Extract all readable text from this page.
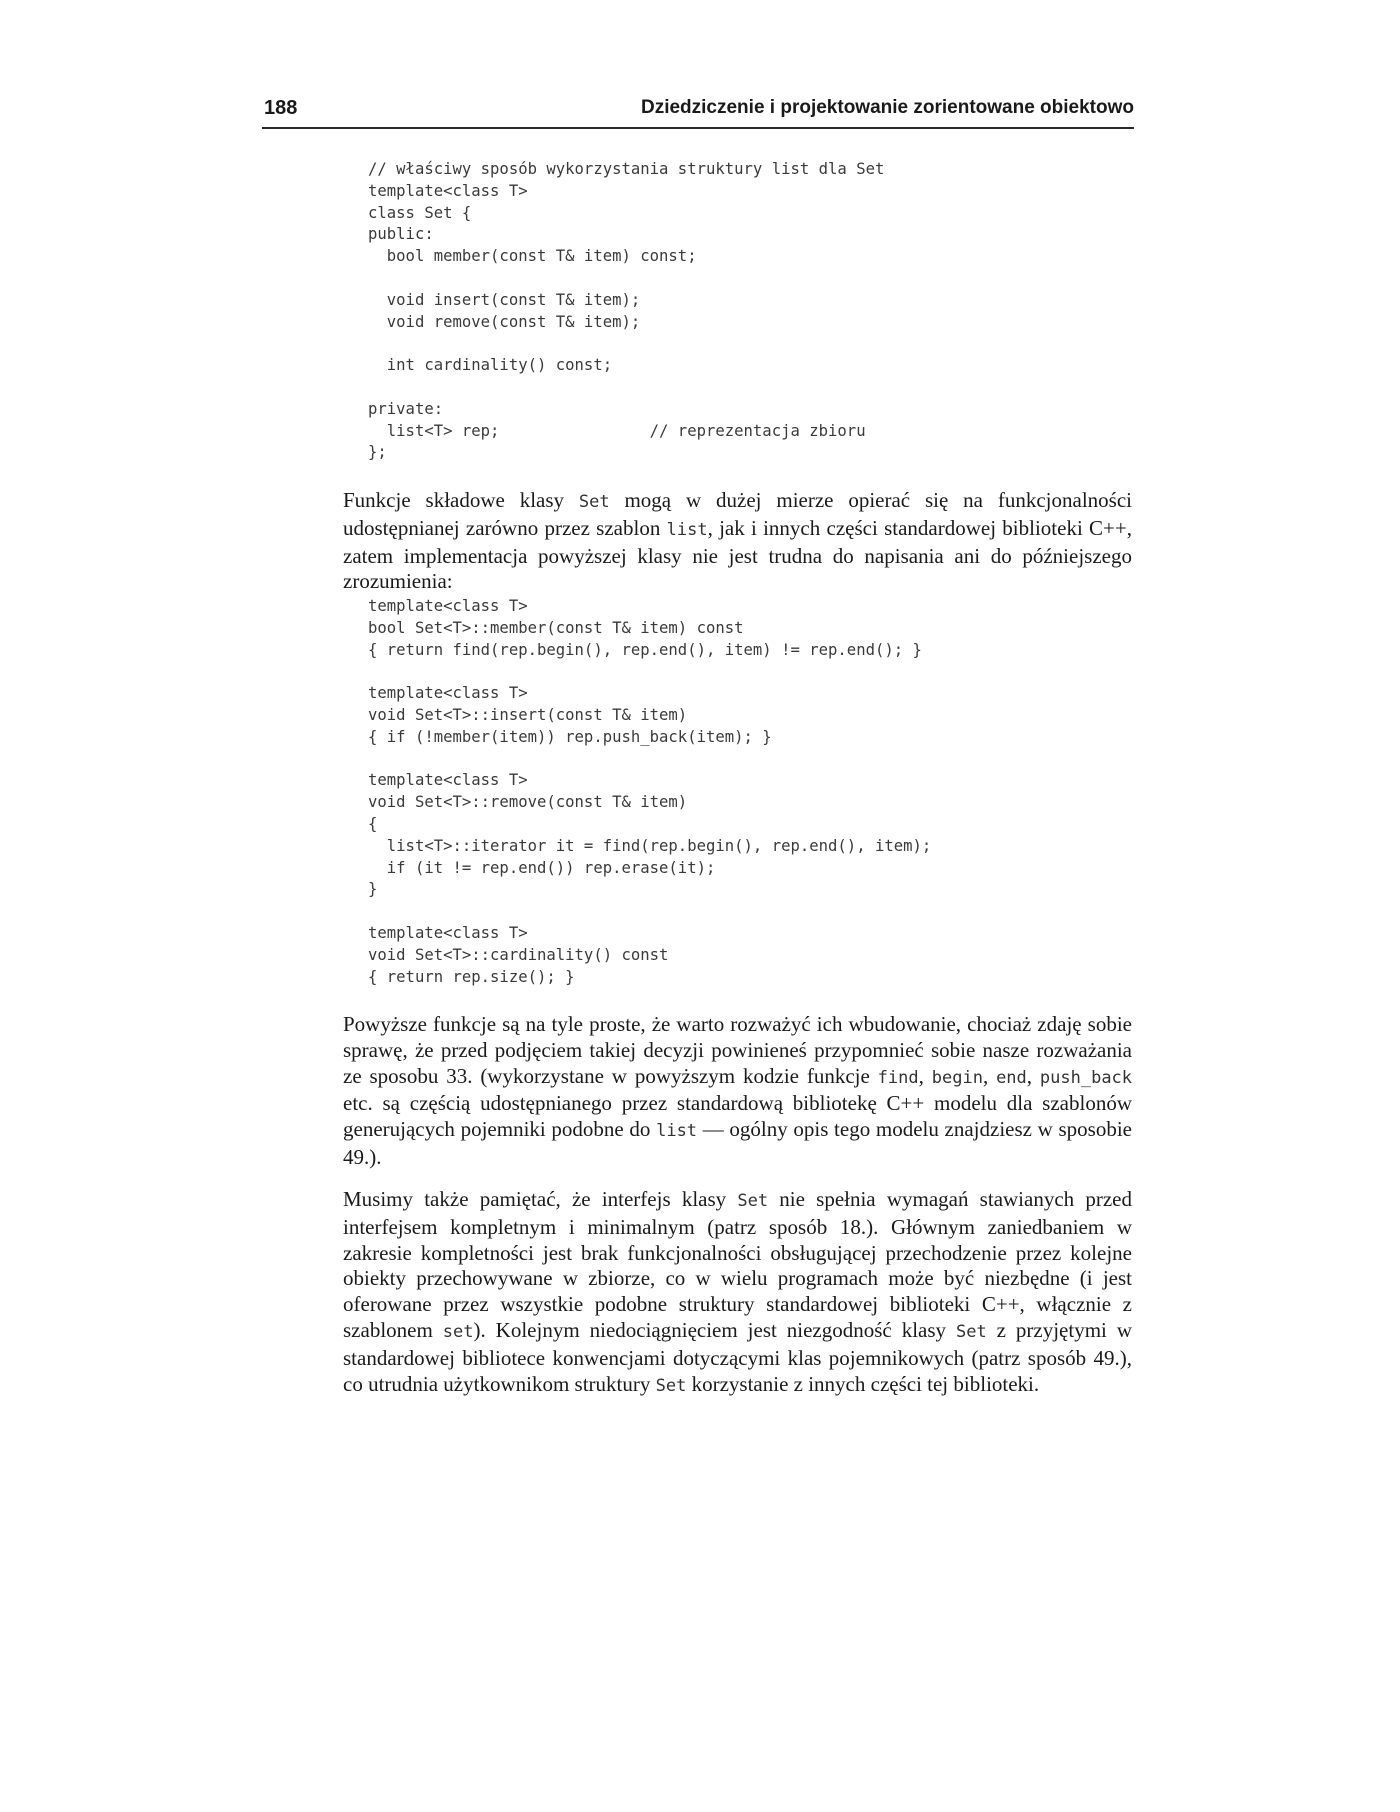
188	Dziedziczenie i projektowanie zorientowane obiektowo
// właściwy sposób wykorzystania struktury list dla Set
template<class T>
class Set {
public:
bool member(const T& item) const;

void insert(const T& item);
void remove(const T& item);

int cardinality() const;

private:
list<T> rep;                // reprezentacja zbioru
};

Funkcje składowe klasy Set mogą w dużej mierze opierać się na funkcjonalności udostępnianej zarówno przez szablon list, jak i innych części standardowej biblioteki C++, zatem implementacja powyższej klasy nie jest trudna do napisania ani do późniejszego zrozumienia:

template<class T>
bool Set<T>::member(const T& item) const
{ return find(rep.begin(), rep.end(), item) != rep.end(); }

template<class T>
void Set<T>::insert(const T& item)
{ if (!member(item)) rep.push_back(item); }

template<class T>
void Set<T>::remove(const T& item)
{
list<T>::iterator it = find(rep.begin(), rep.end(), item);
if (it != rep.end()) rep.erase(it);
}

template<class T>
void Set<T>::cardinality() const
{ return rep.size(); }

Powyższe funkcje są na tyle proste, że warto rozważyć ich wbudowanie, chociaż zdaję sobie sprawę, że przed podjęciem takiej decyzji powinieneś przypomnieć sobie nasze rozważania ze sposobu 33. (wykorzystane w powyższym kodzie funkcje find, begin, end, push_back etc. są częścią udostępnianego przez standardową bibliotekę C++ modelu dla szablonów generujących pojemniki podobne do list — ogólny opis tego modelu znajdziesz w sposobie 49.).

Musimy także pamiętać, że interfejs klasy Set nie spełnia wymagań stawianych przed interfejsem kompletnym i minimalnym (patrz sposób 18.). Głównym zaniedbaniem w zakresie kompletności jest brak funkcjonalności obsługującej przechodzenie przez kolejne obiekty przechowywane w zbiorze, co w wielu programach może być niezbędne (i jest oferowane przez wszystkie podobne struktury standardowej biblioteki C++, włącznie z szablonem set). Kolejnym niedociągnięciem jest niezgodność klasy Set z przyjętymi w standardowej bibliotece konwencjami dotyczącymi klas pojemnikowych (patrz sposób 49.), co utrudnia użytkownikom struktury Set korzystanie z innych części tej biblioteki.
